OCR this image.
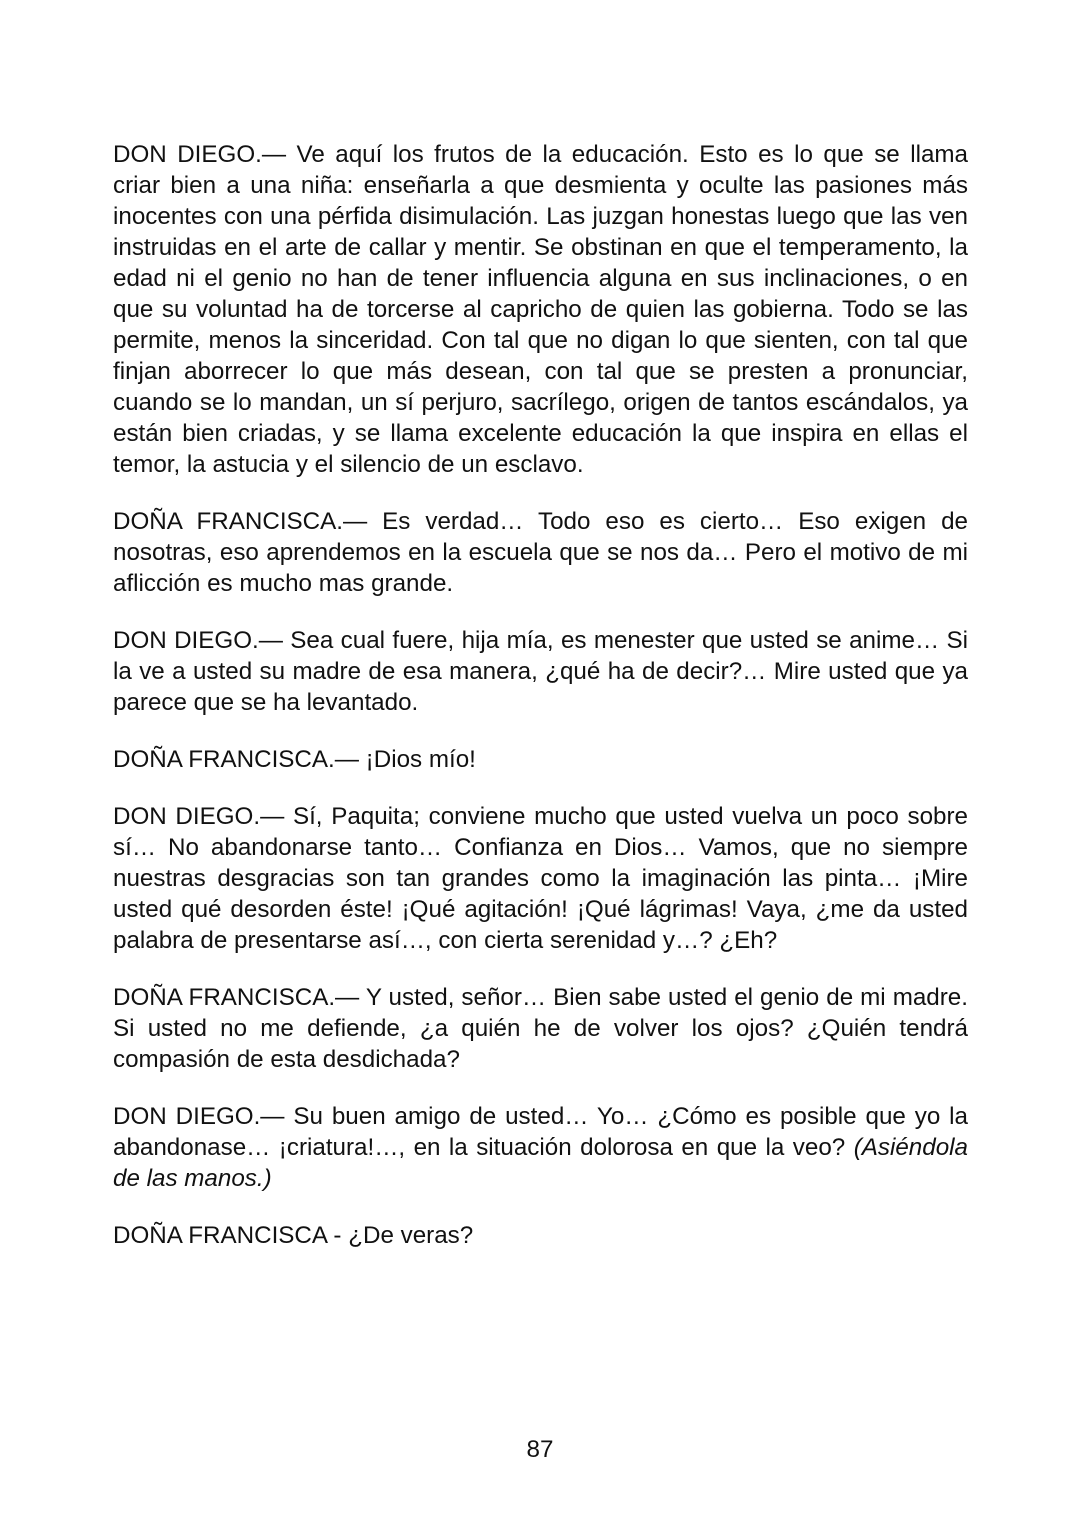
DON DIEGO.— Ve aquí los frutos de la educación. Esto es lo que se llama criar bien a una niña: enseñarla a que desmienta y oculte las pasiones más inocentes con una pérfida disimulación. Las juzgan honestas luego que las ven instruidas en el arte de callar y mentir. Se obstinan en que el temperamento, la edad ni el genio no han de tener influencia alguna en sus inclinaciones, o en que su voluntad ha de torcerse al capricho de quien las gobierna. Todo se las permite, menos la sinceridad. Con tal que no digan lo que sienten, con tal que finjan aborrecer lo que más desean, con tal que se presten a pronunciar, cuando se lo mandan, un sí perjuro, sacrílego, origen de tantos escándalos, ya están bien criadas, y se llama excelente educación la que inspira en ellas el temor, la astucia y el silencio de un esclavo.

DOÑA FRANCISCA.— Es verdad… Todo eso es cierto… Eso exigen de nosotras, eso aprendemos en la escuela que se nos da… Pero el motivo de mi aflicción es mucho mas grande.

DON DIEGO.— Sea cual fuere, hija mía, es menester que usted se anime… Si la ve a usted su madre de esa manera, ¿qué ha de decir?… Mire usted que ya parece que se ha levantado.

DOÑA FRANCISCA.— ¡Dios mío!

DON DIEGO.— Sí, Paquita; conviene mucho que usted vuelva un poco sobre sí… No abandonarse tanto… Confianza en Dios… Vamos, que no siempre nuestras desgracias son tan grandes como la imaginación las pinta… ¡Mire usted qué desorden éste! ¡Qué agitación! ¡Qué lágrimas! Vaya, ¿me da usted palabra de presentarse así…, con cierta serenidad y…? ¿Eh?

DOÑA FRANCISCA.— Y usted, señor… Bien sabe usted el genio de mi madre. Si usted no me defiende, ¿a quién he de volver los ojos? ¿Quién tendrá compasión de esta desdichada?

DON DIEGO.— Su buen amigo de usted… Yo… ¿Cómo es posible que yo la abandonase… ¡criatura!…, en la situación dolorosa en que la veo? (Asiéndola de las manos.)

DOÑA FRANCISCA - ¿De veras?

87
